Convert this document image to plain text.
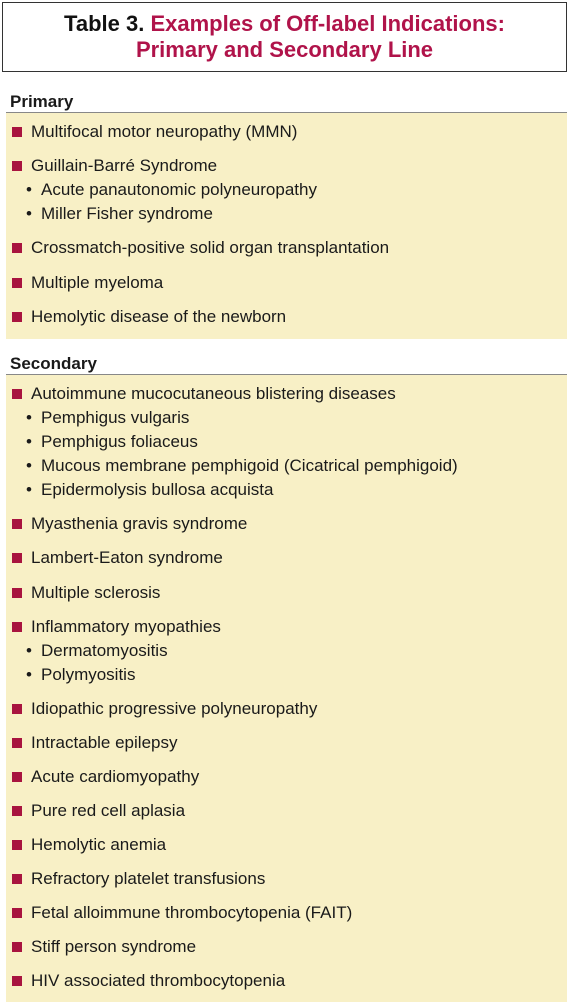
Table 3. Examples of Off-label Indications:
Primary and Secondary Line
Primary
Multifocal motor neuropathy (MMN)
Guillain-Barré Syndrome
• Acute panautonomic polyneuropathy
• Miller Fisher syndrome
Crossmatch-positive solid organ transplantation
Multiple myeloma
Hemolytic disease of the newborn
Secondary
Autoimmune mucocutaneous blistering diseases
• Pemphigus vulgaris
• Pemphigus foliaceus
• Mucous membrane pemphigoid (Cicatrical pemphigoid)
• Epidermolysis bullosa acquista
Myasthenia gravis syndrome
Lambert-Eaton syndrome
Multiple sclerosis
Inflammatory myopathies
• Dermatomyositis
• Polymyositis
Idiopathic progressive polyneuropathy
Intractable epilepsy
Acute cardiomyopathy
Pure red cell aplasia
Hemolytic anemia
Refractory platelet transfusions
Fetal alloimmune thrombocytopenia (FAIT)
Stiff person syndrome
HIV associated thrombocytopenia
